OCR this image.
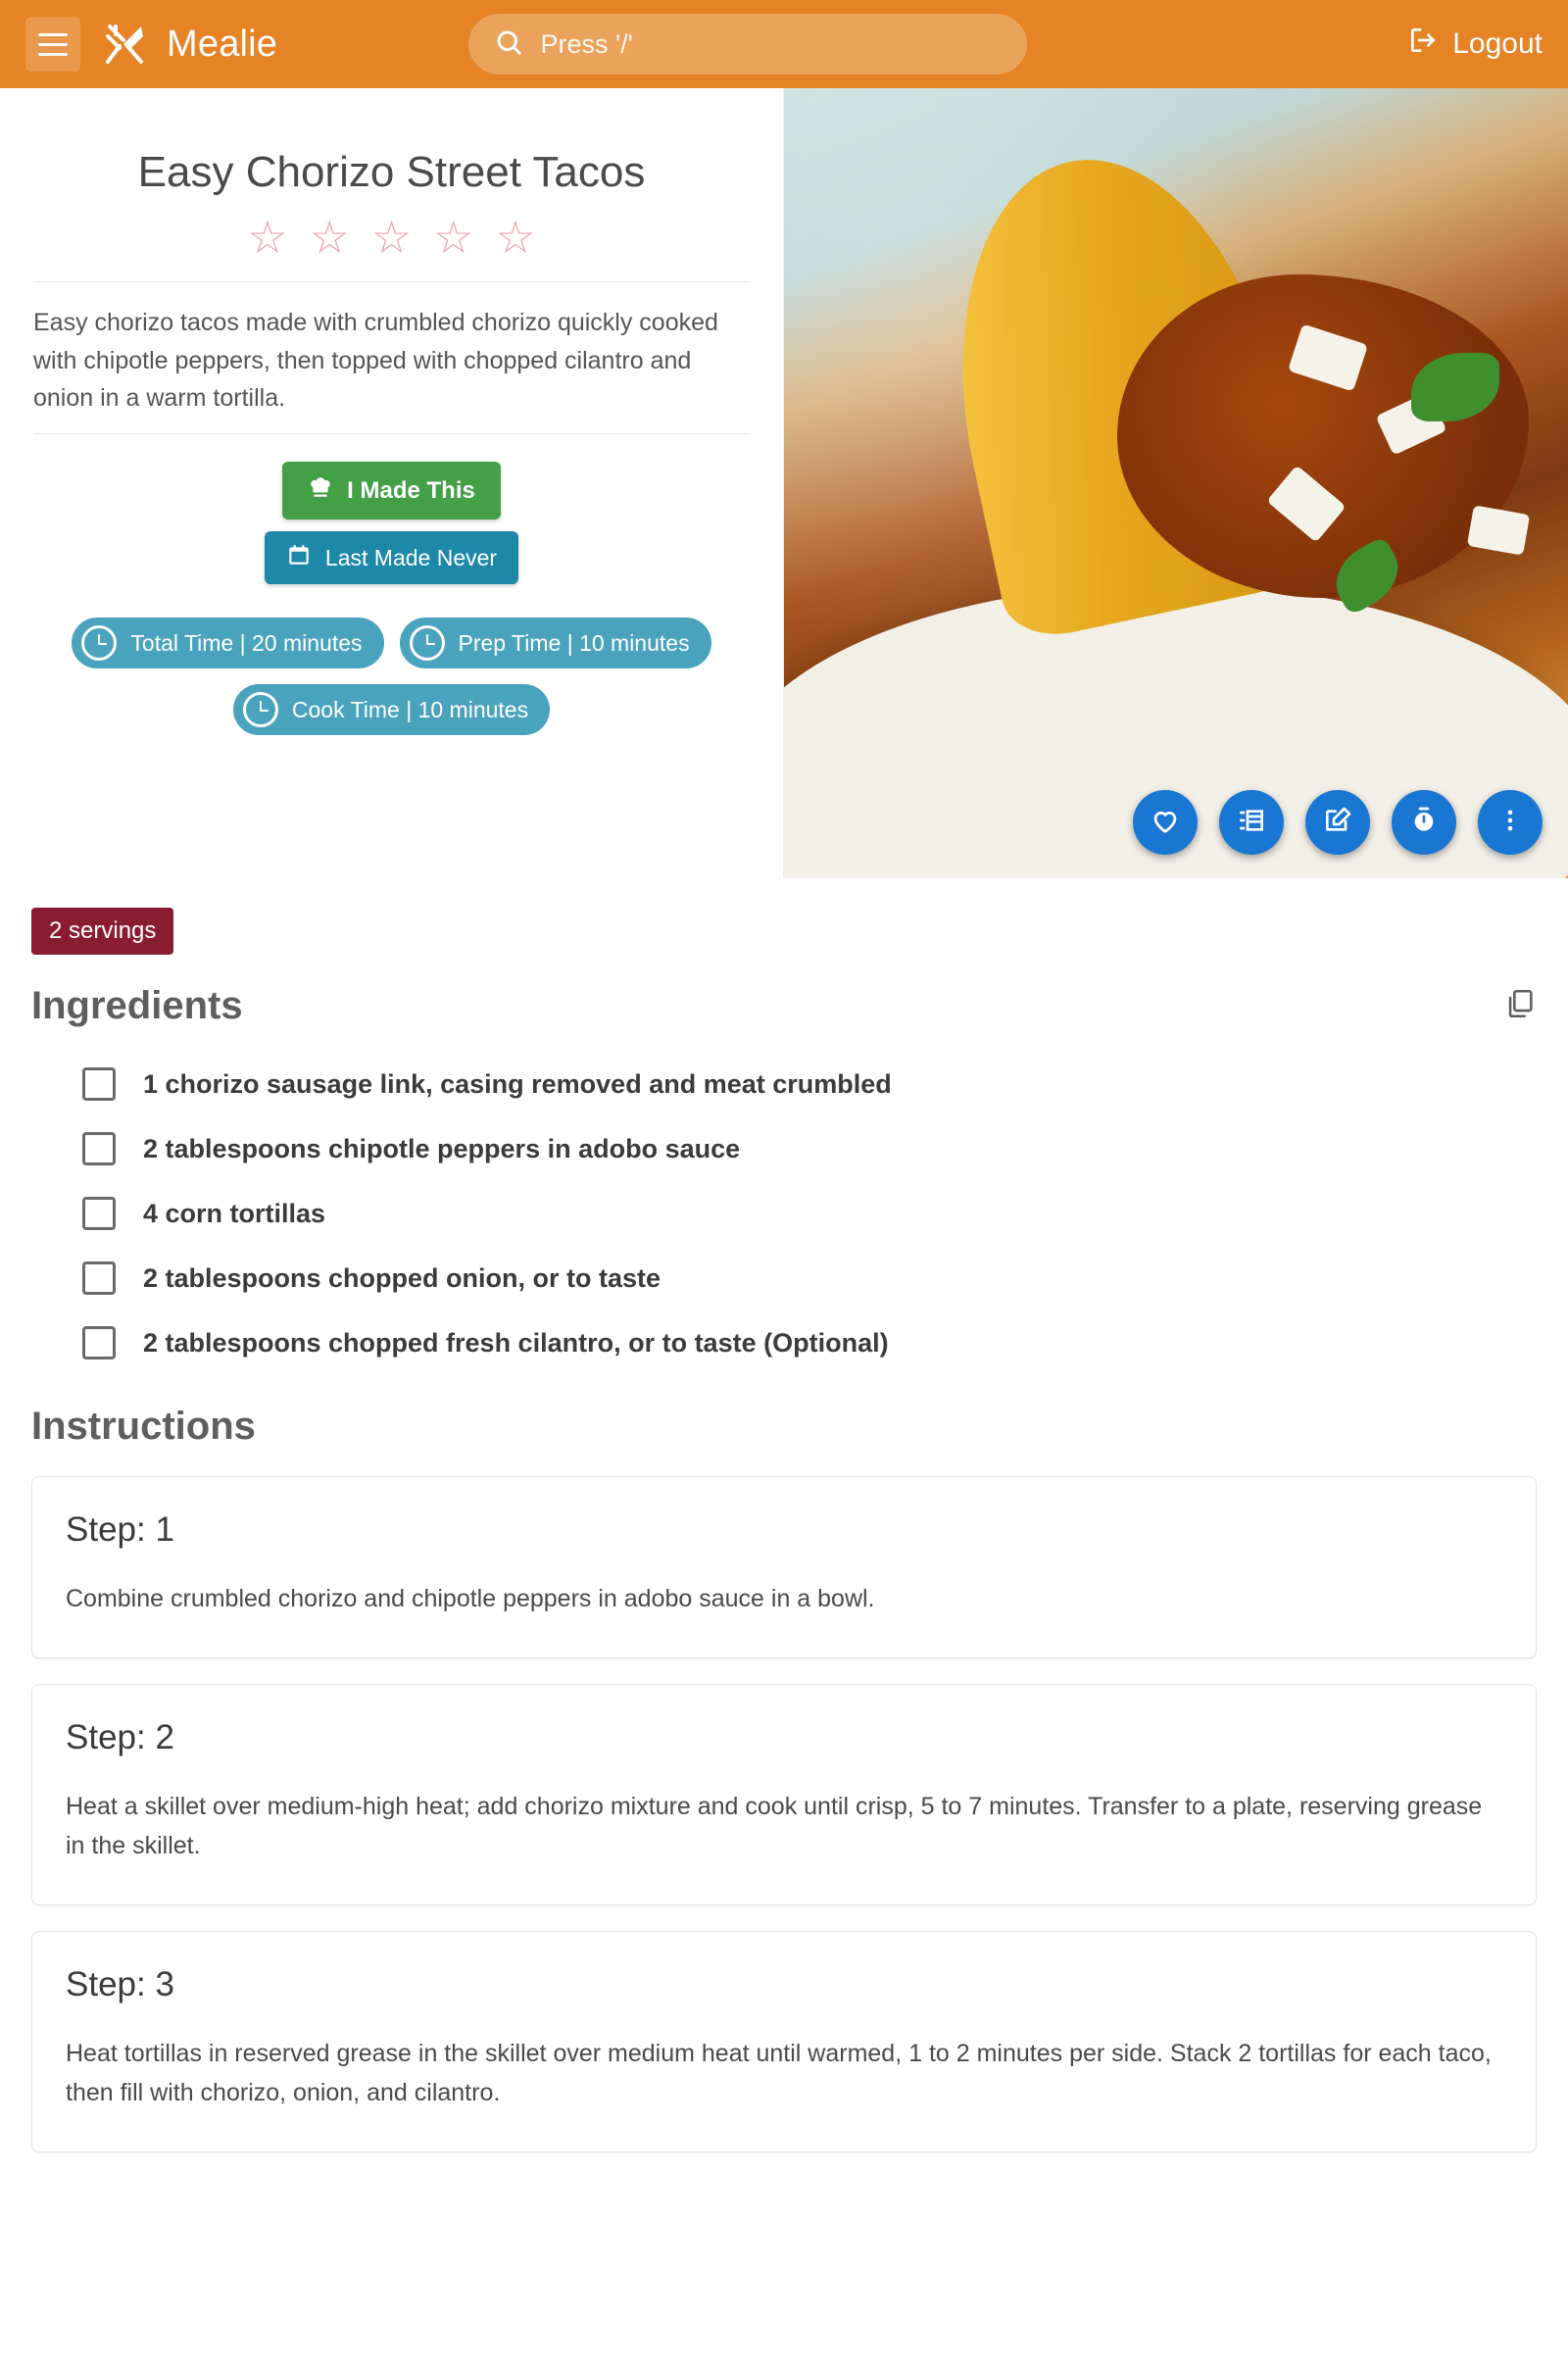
Mealie
Press '/'	Logout
Easy Chorizo Street Tacos
☆ ☆ ☆ ☆ ☆

Easy chorizo tacos made with crumbled chorizo quickly cooked with chipotle peppers, then topped with chopped cilantro and onion in a warm tortilla.

I Made This
Last Made Never
Total Time | 20 minutes	Prep Time | 10 minutes
Cook Time | 10 minutes
2 servings
Ingredients
1 chorizo sausage link, casing removed and meat crumbled
2 tablespoons chipotle peppers in adobo sauce
4 corn tortillas
2 tablespoons chopped onion, or to taste
2 tablespoons chopped fresh cilantro, or to taste (Optional)
Instructions
Step: 1
Combine crumbled chorizo and chipotle peppers in adobo sauce in a bowl.
Step: 2
Heat a skillet over medium-high heat; add chorizo mixture and cook until crisp, 5 to 7 minutes. Transfer to a plate, reserving grease in the skillet.
Step: 3
Heat tortillas in reserved grease in the skillet over medium heat until warmed, 1 to 2 minutes per side. Stack 2 tortillas for each taco, then fill with chorizo, onion, and cilantro.
